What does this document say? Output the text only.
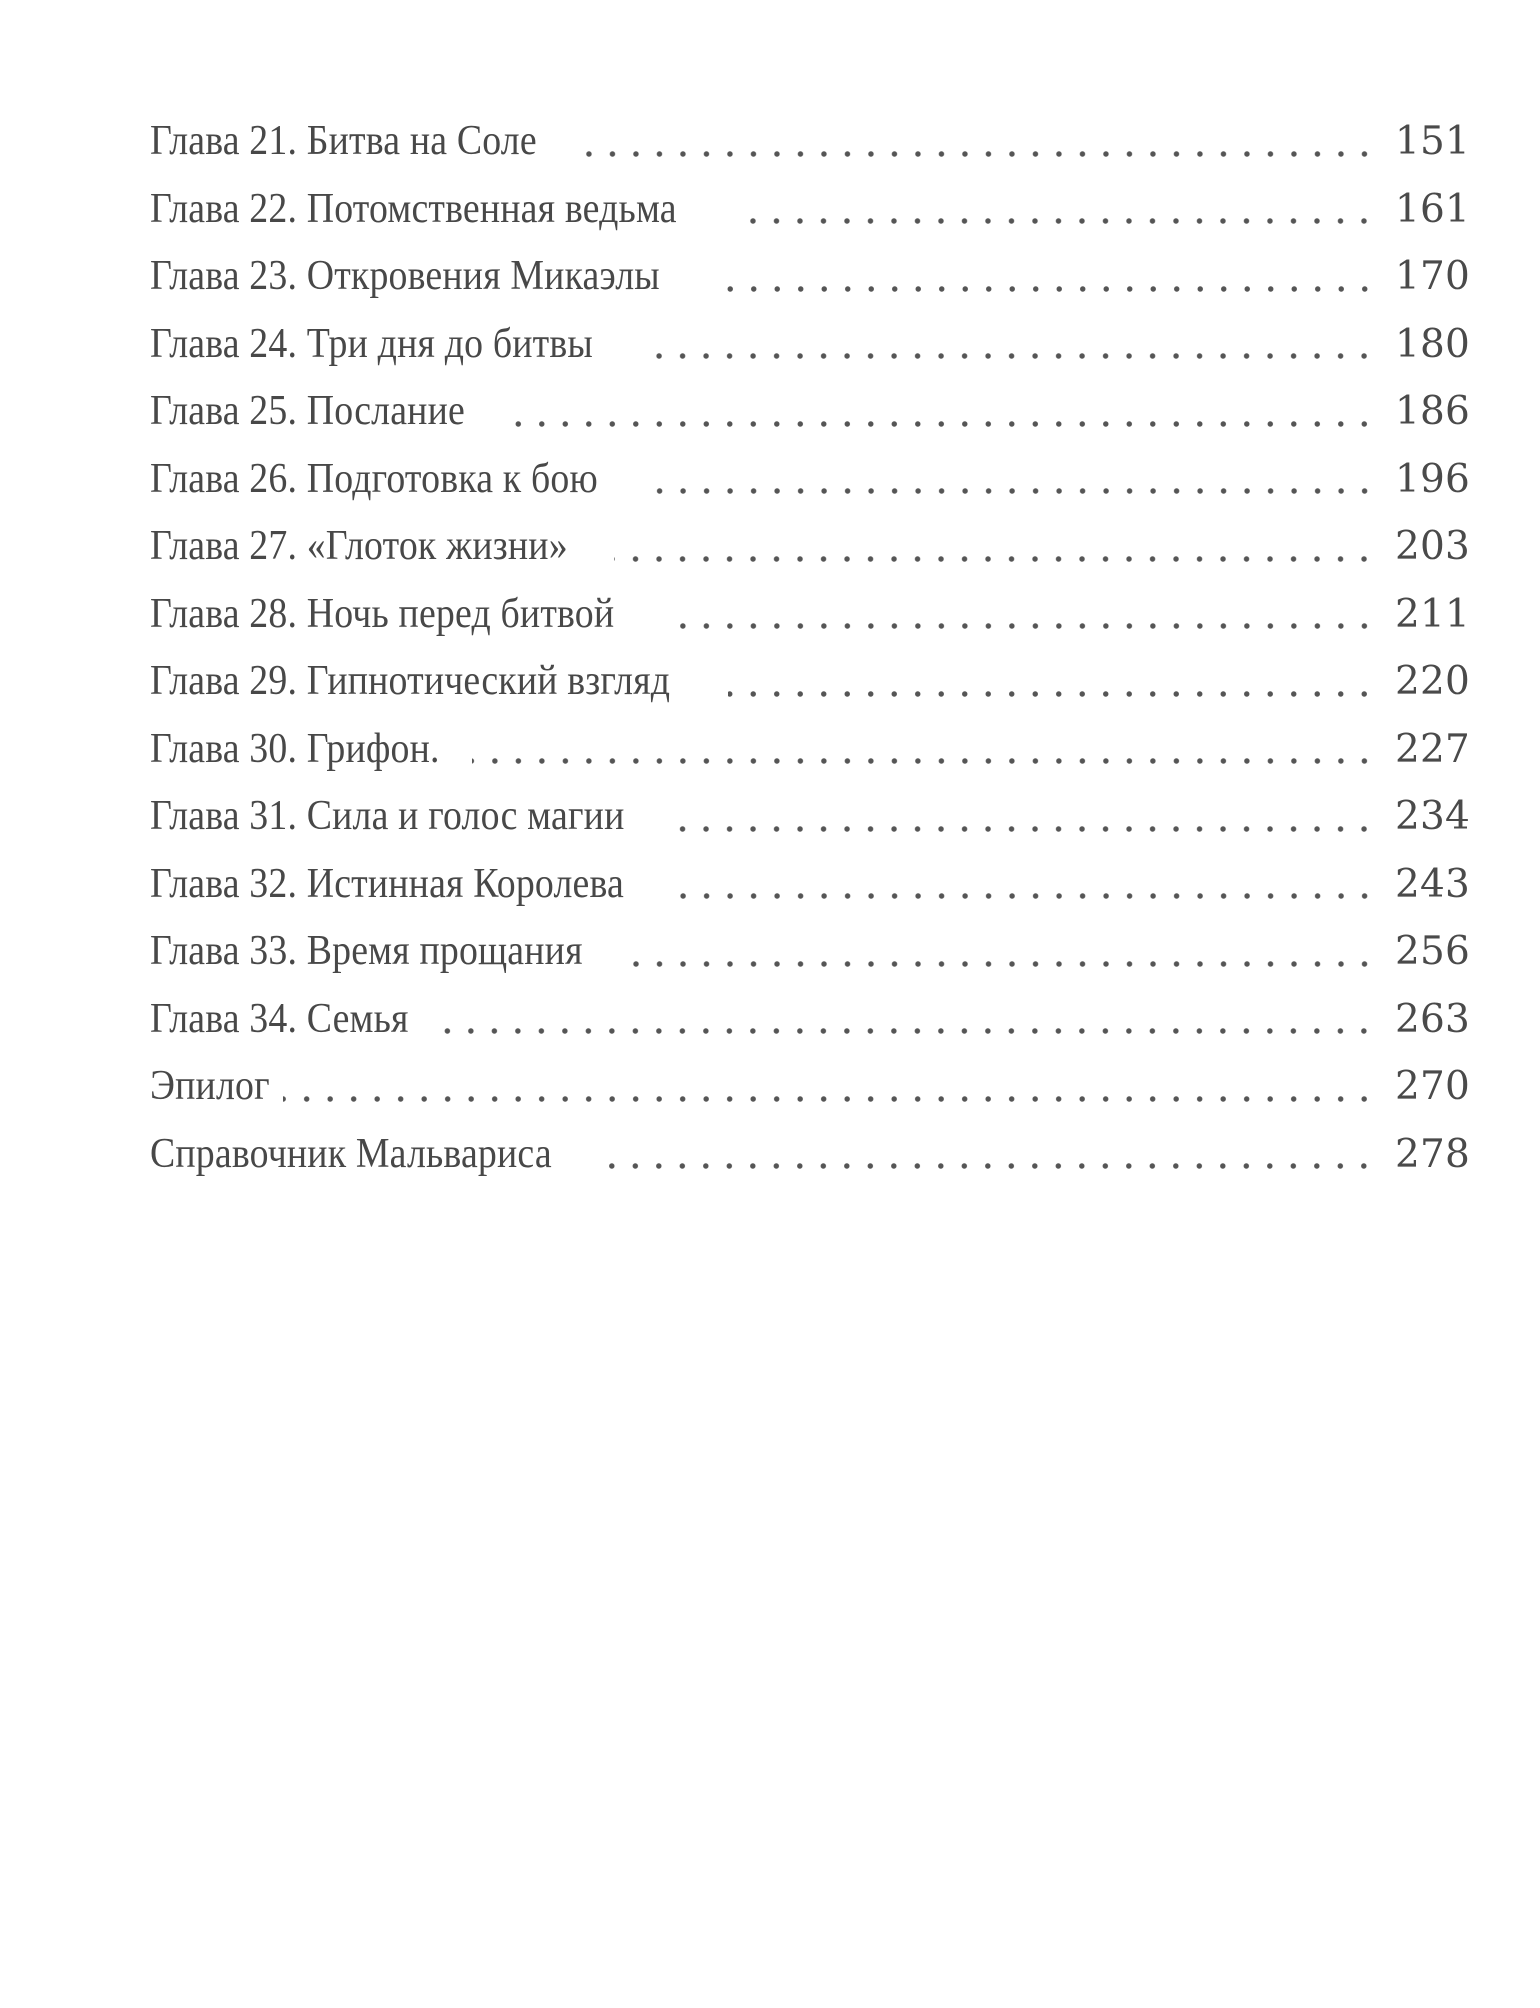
Глава 21. Битва на Соле	151
Глава 22. Потомственная ведьма	161
Глава 23. Откровения Микаэлы	170
Глава 24. Три дня до битвы	180
Глава 25. Послание	186
Глава 26. Подготовка к бою	196
Глава 27. «Глоток жизни»	203
Глава 28. Ночь перед битвой	211
Глава 29. Гипнотический взгляд	220
Глава 30. Грифон.	227
Глава 31. Сила и голос магии	234
Глава 32. Истинная Королева	243
Глава 33. Время прощания	256
Глава 34. Семья	263
Эпилог	270
Справочник Мальвариса	278
